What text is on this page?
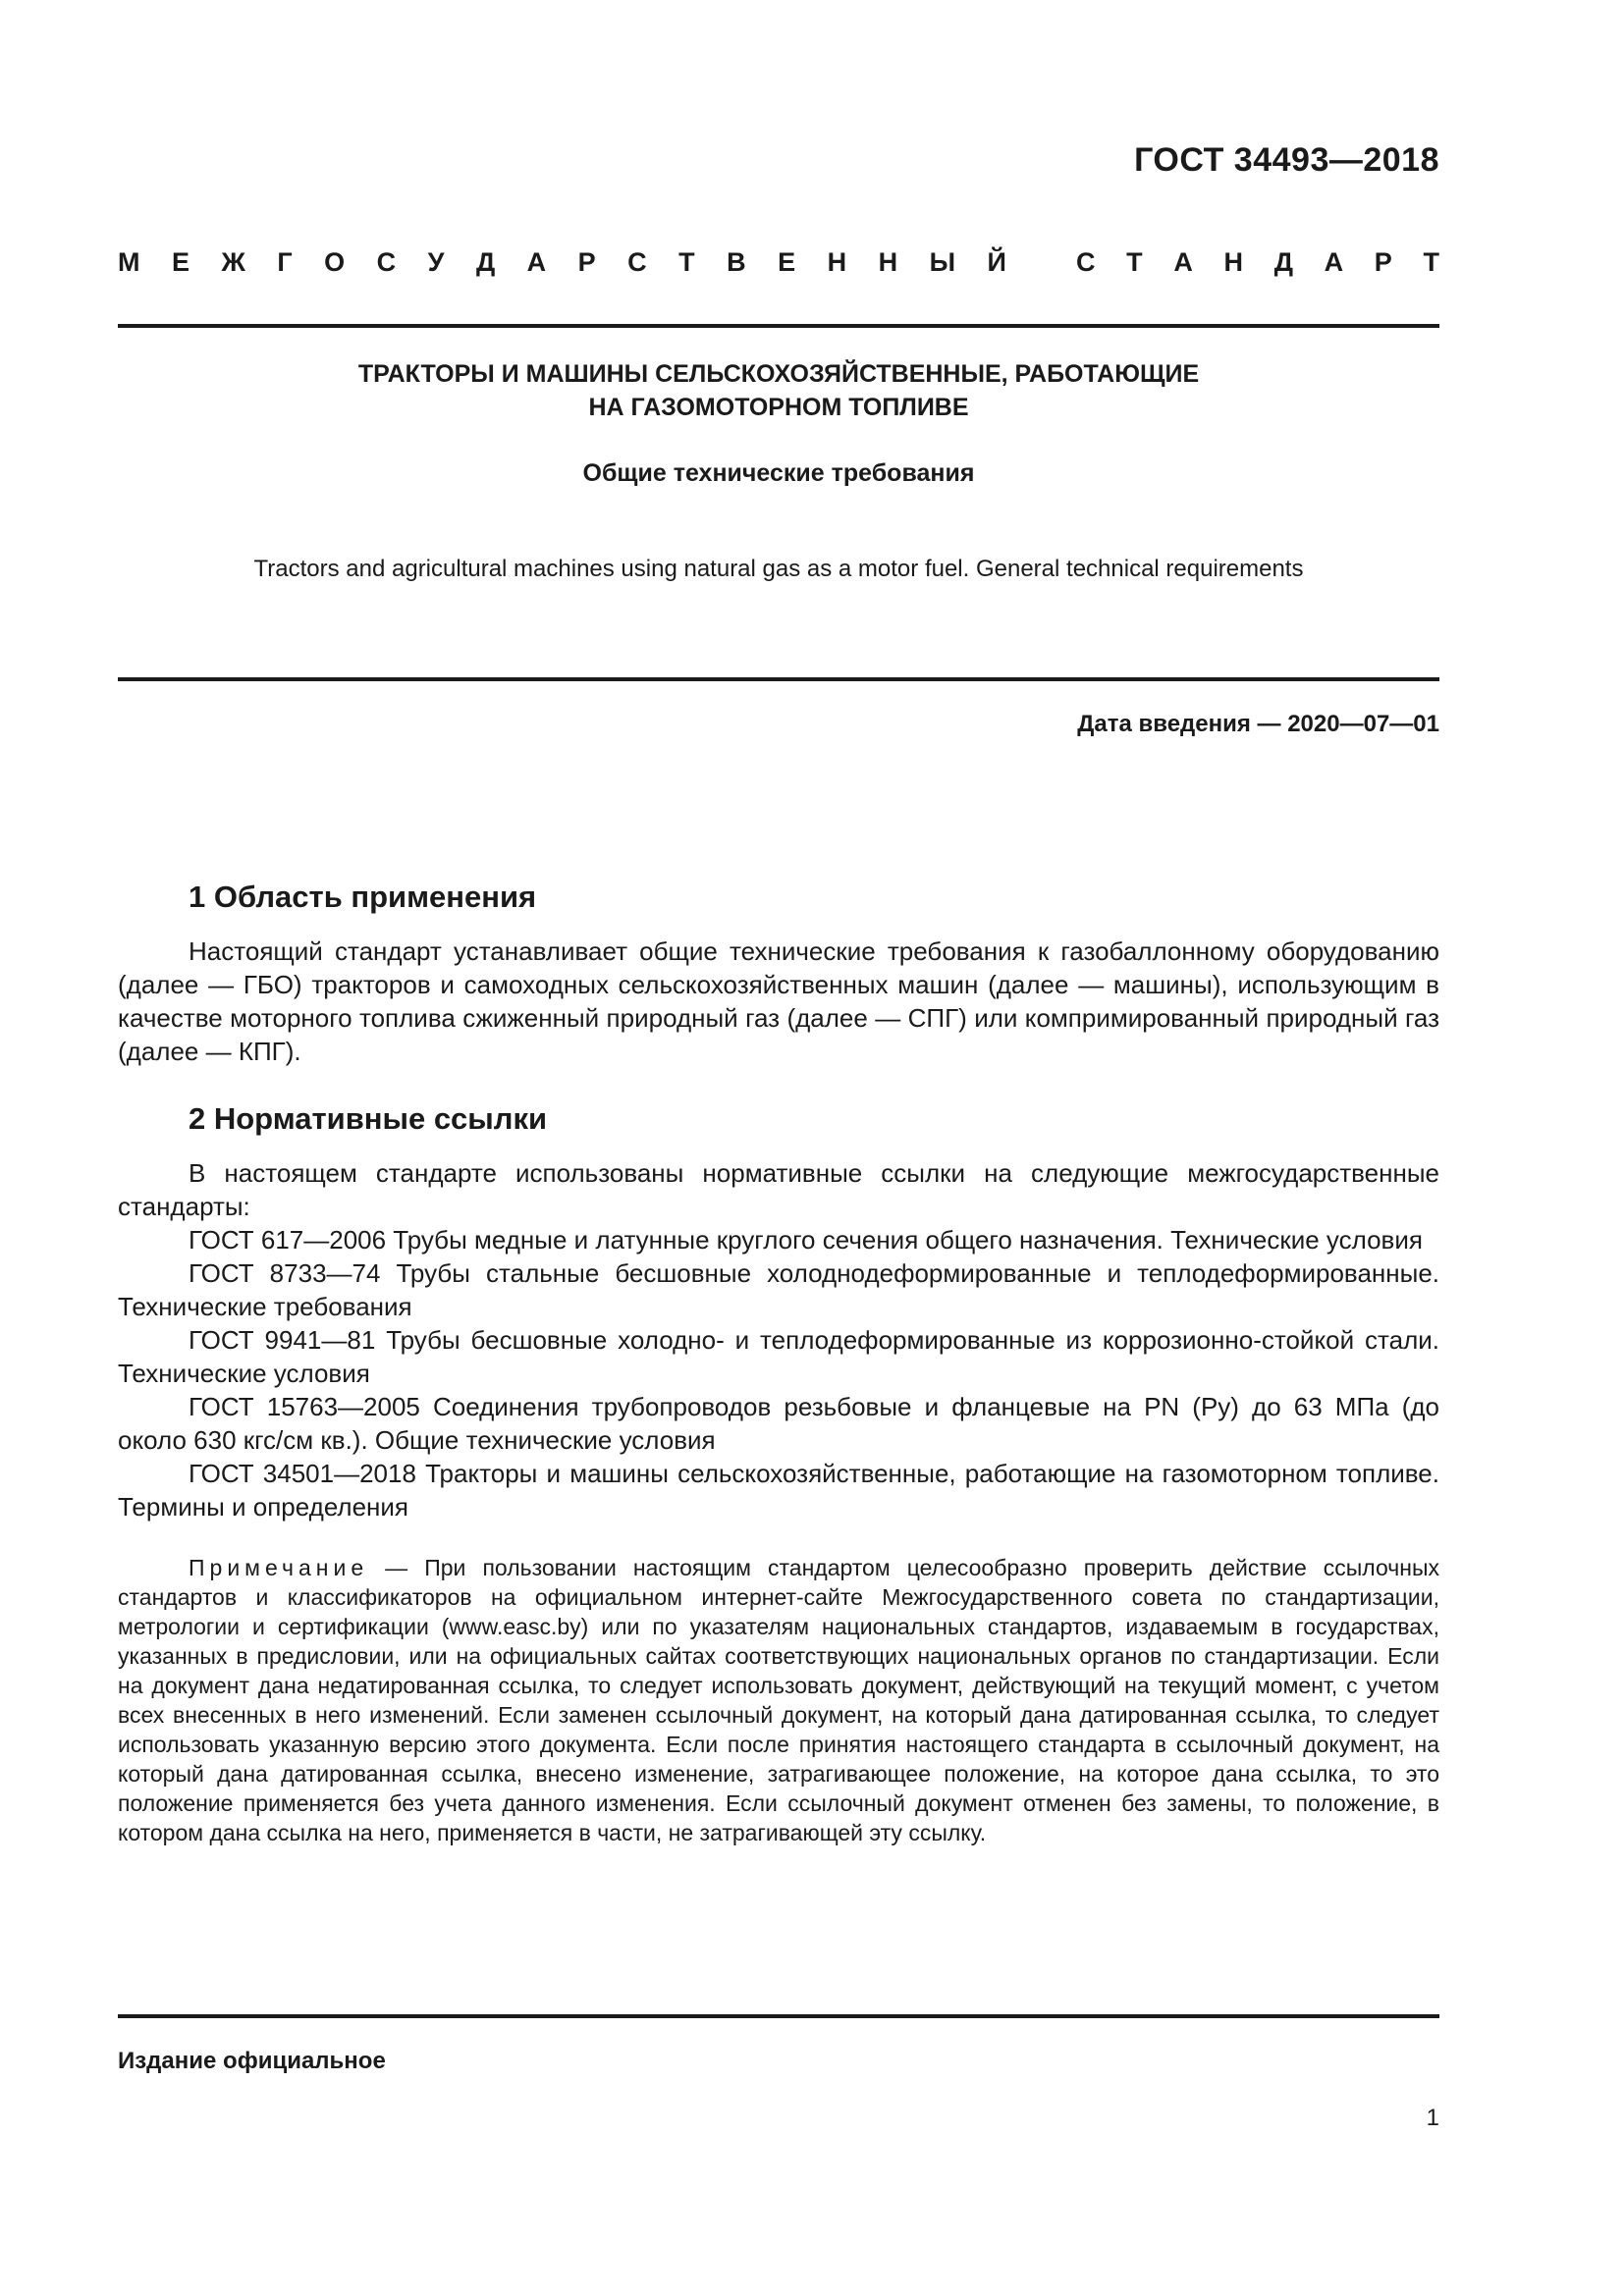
ГОСТ 34493—2018
М Е Ж Г О С У Д А Р С Т В Е Н Н Ы Й	С Т А Н Д А Р Т
ТРАКТОРЫ И МАШИНЫ СЕЛЬСКОХОЗЯЙСТВЕННЫЕ, РАБОТАЮЩИЕ
НА ГАЗОМОТОРНОМ ТОПЛИВЕ
Общие технические требования
Tractors and agricultural machines using natural gas as a motor fuel. General technical requirements
Дата введения — 2020—07—01
1 Область применения

Настоящий стандарт устанавливает общие технические требования к газобаллонному оборудованию (далее — ГБО) тракторов и самоходных сельскохозяйственных машин (далее — машины), использующим в качестве моторного топлива сжиженный природный газ (далее — СПГ) или компримированный природный газ (далее — КПГ).

2 Нормативные ссылки

В настоящем стандарте использованы нормативные ссылки на следующие межгосударственные стандарты:

ГОСТ 617—2006 Трубы медные и латунные круглого сечения общего назначения. Технические условия

ГОСТ 8733—74 Трубы стальные бесшовные холоднодеформированные и теплодеформированные. Технические требования

ГОСТ 9941—81 Трубы бесшовные холодно- и теплодеформированные из коррозионно-стойкой стали. Технические условия

ГОСТ 15763—2005 Соединения трубопроводов резьбовые и фланцевые на PN (Ру) до 63 МПа (до около 630 кгс/см кв.). Общие технические условия

ГОСТ 34501—2018 Тракторы и машины сельскохозяйственные, работающие на газомоторном топливе. Термины и определения

Примечание — При пользовании настоящим стандартом целесообразно проверить действие ссылочных стандартов и классификаторов на официальном интернет-сайте Межгосударственного совета по стандартизации, метрологии и сертификации (www.easc.by) или по указателям национальных стандартов, издаваемым в государствах, указанных в предисловии, или на официальных сайтах соответствующих национальных органов по стандартизации. Если на документ дана недатированная ссылка, то следует использовать документ, действующий на текущий момент, с учетом всех внесенных в него изменений. Если заменен ссылочный документ, на который дана датированная ссылка, то следует использовать указанную версию этого документа. Если после принятия настоящего стандарта в ссылочный документ, на который дана датированная ссылка, внесено изменение, затрагивающее положение, на которое дана ссылка, то это положение применяется без учета данного изменения. Если ссылочный документ отменен без замены, то положение, в котором дана ссылка на него, применяется в части, не затрагивающей эту ссылку.

Издание официальное
1
